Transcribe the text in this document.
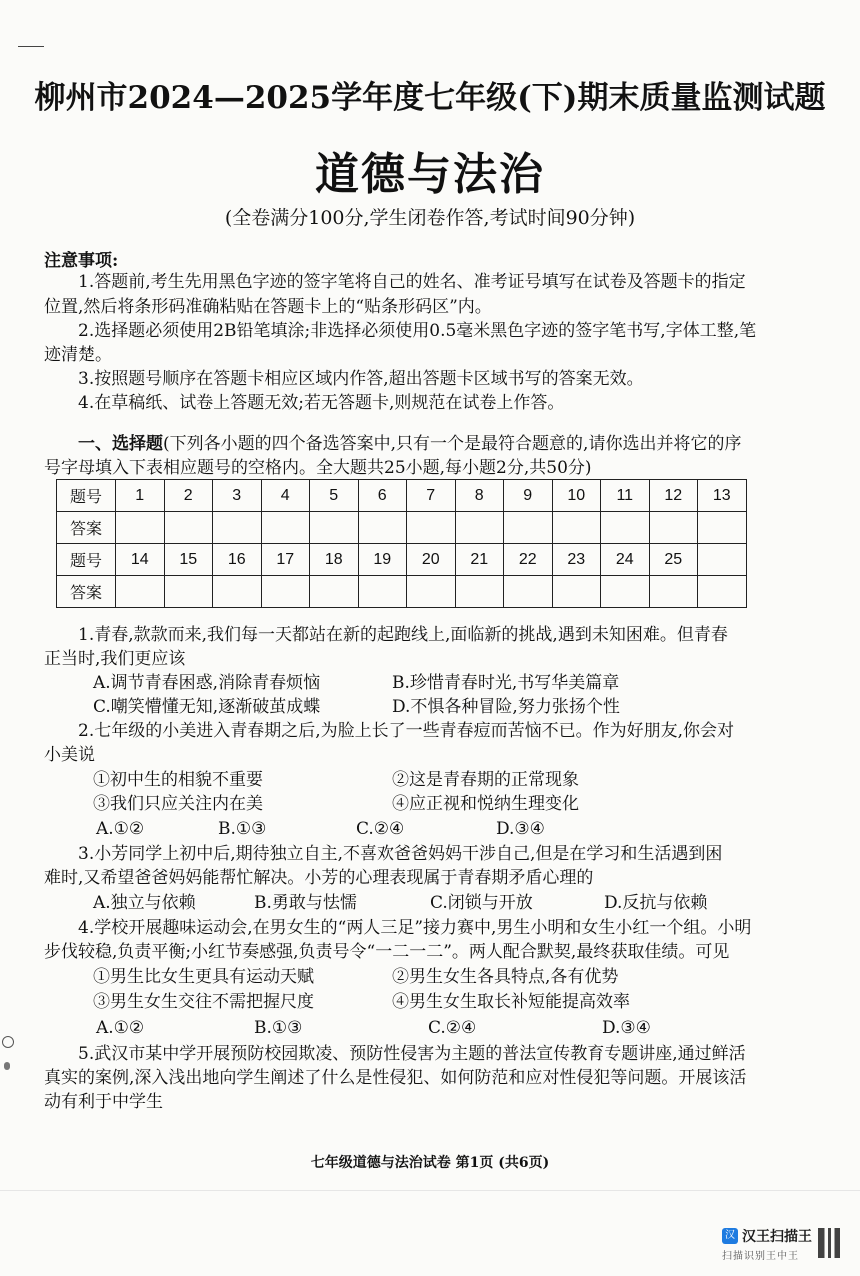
柳州市2024—2025学年度七年级(下)期末质量监测试题
道德与法治
(全卷满分100分,学生闭卷作答,考试时间90分钟)
注意事项:
1.答题前,考生先用黑色字迹的签字笔将自己的姓名、准考证号填写在试卷及答题卡的指定
位置,然后将条形码准确粘贴在答题卡上的“贴条形码区”内。
2.选择题必须使用2B铅笔填涂;非选择必须使用0.5毫米黑色字迹的签字笔书写,字体工整,笔
迹清楚。
3.按照题号顺序在答题卡相应区域内作答,超出答题卡区域书写的答案无效。
4.在草稿纸、试卷上答题无效;若无答题卡,则规范在试卷上作答。
一、选择题(下列各小题的四个备选答案中,只有一个是最符合题意的,请你选出并将它的序
号字母填入下表相应题号的空格内。全大题共25小题,每小题2分,共50分)
题号	1	2	3	4	5	6	7	8	9	10	11	12	13
答案													
题号	14	15	16	17	18	19	20	21	22	23	24	25	
答案													
1.青春,款款而来,我们每一天都站在新的起跑线上,面临新的挑战,遇到未知困难。但青春
正当时,我们更应该
A.调节青春困惑,消除青春烦恼	B.珍惜青春时光,书写华美篇章
C.嘲笑懵懂无知,逐渐破茧成蝶	D.不惧各种冒险,努力张扬个性
2.七年级的小美进入青春期之后,为脸上长了一些青春痘而苦恼不已。作为好朋友,你会对
小美说
①初中生的相貌不重要	②这是青春期的正常现象
③我们只应关注内在美	④应正视和悦纳生理变化
A.①②	B.①③	C.②④	D.③④
3.小芳同学上初中后,期待独立自主,不喜欢爸爸妈妈干涉自己,但是在学习和生活遇到困
难时,又希望爸爸妈妈能帮忙解决。小芳的心理表现属于青春期矛盾心理的
A.独立与依赖	B.勇敢与怯懦	C.闭锁与开放	D.反抗与依赖
4.学校开展趣味运动会,在男女生的“两人三足”接力赛中,男生小明和女生小红一个组。小明
步伐较稳,负责平衡;小红节奏感强,负责号令“一二一二”。两人配合默契,最终获取佳绩。可见
①男生比女生更具有运动天赋	②男生女生各具特点,各有优势
③男生女生交往不需把握尺度	④男生女生取长补短能提高效率
A.①②	B.①③	C.②④	D.③④
5.武汉市某中学开展预防校园欺凌、预防性侵害为主题的普法宣传教育专题讲座,通过鲜活
真实的案例,深入浅出地向学生阐述了什么是性侵犯、如何防范和应对性侵犯等问题。开展该活
动有利于中学生
七年级道德与法治试卷 第1页 (共6页)
汉 汉王扫描王
扫描识别王中王
